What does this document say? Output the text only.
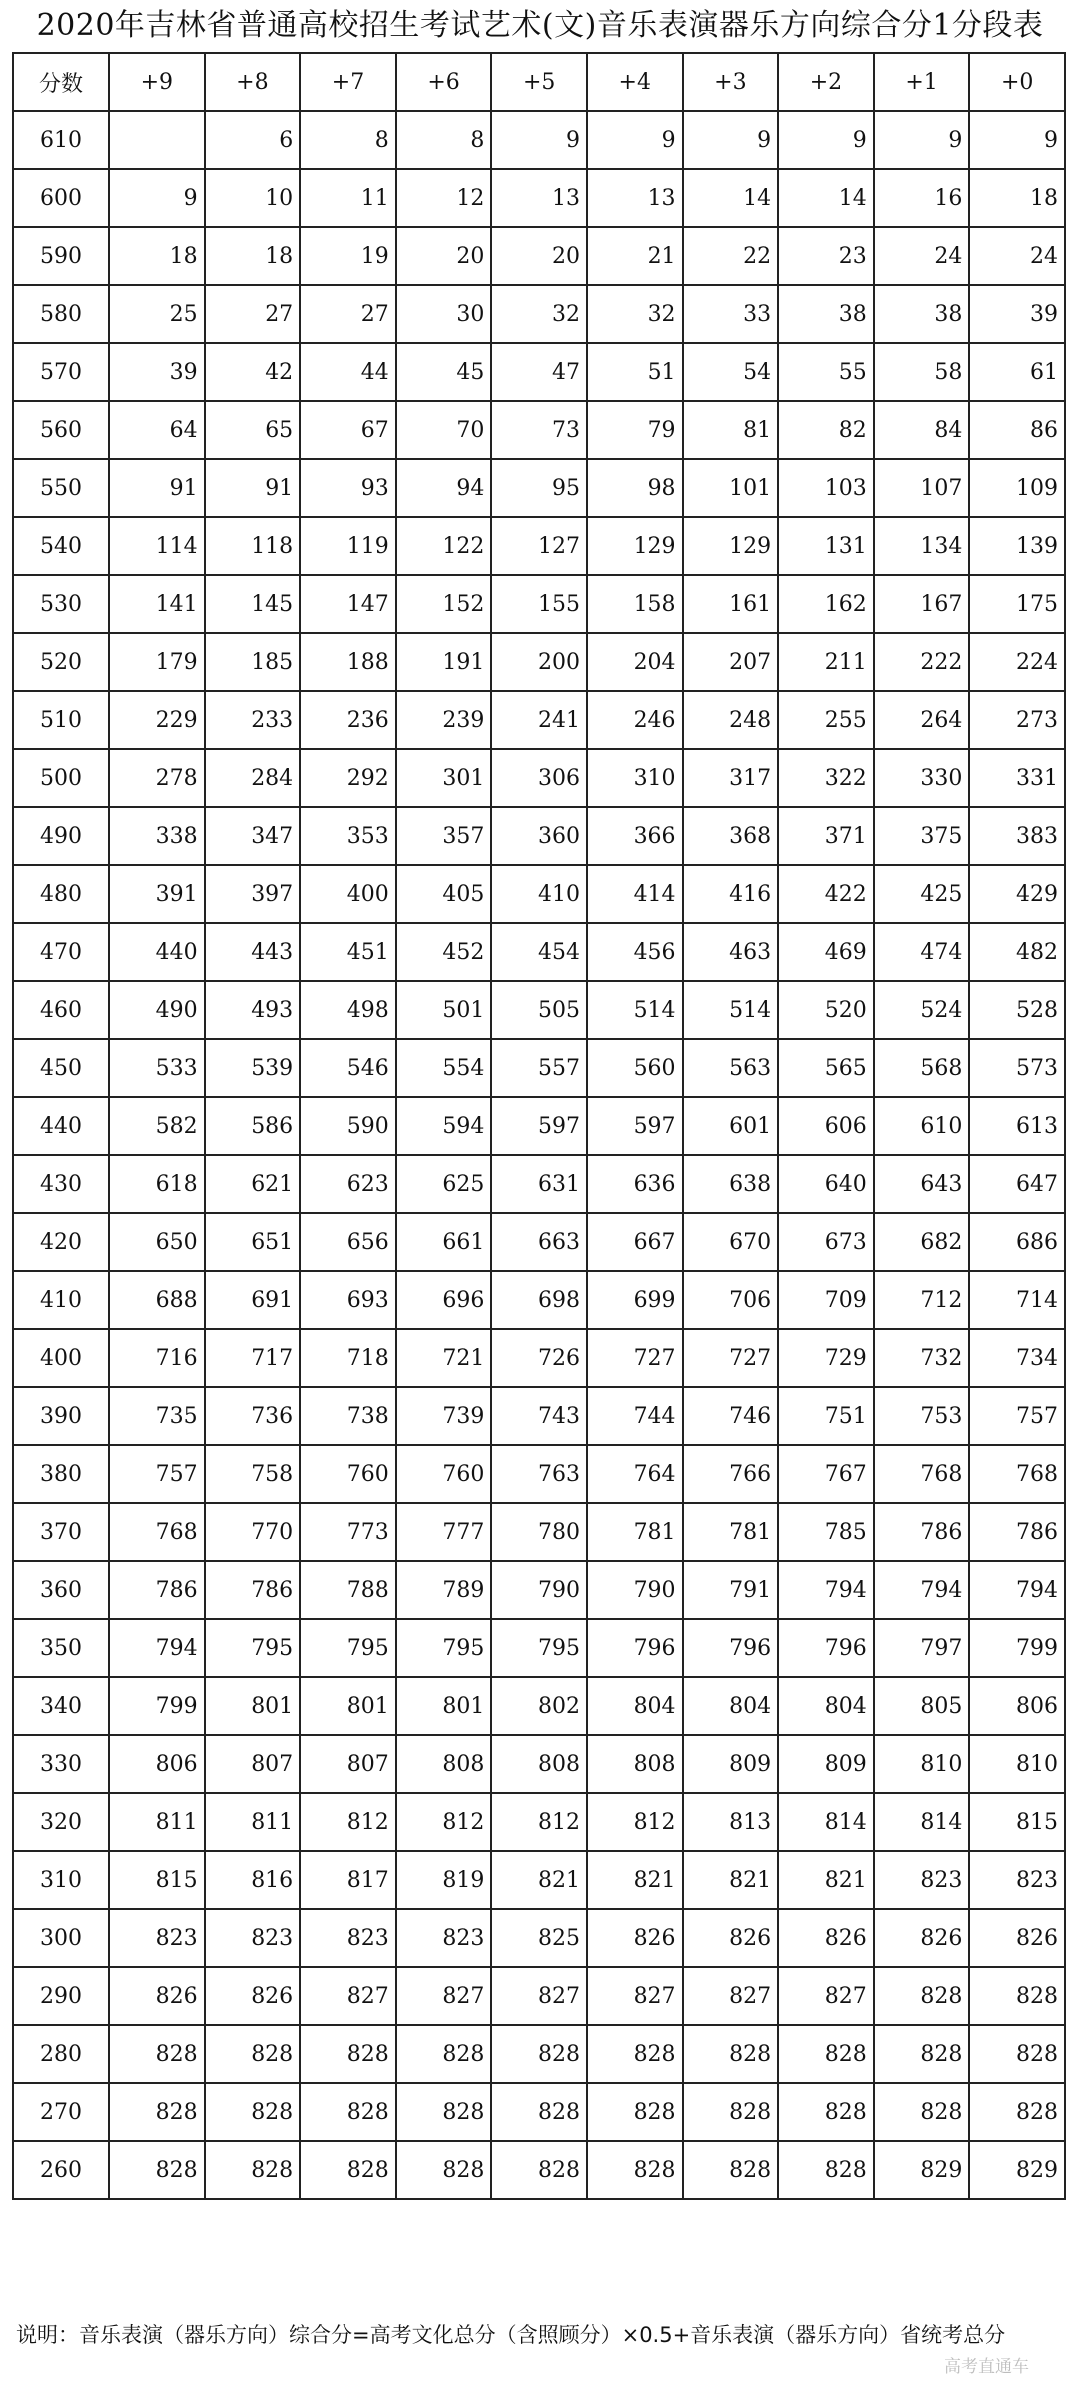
2020年吉林省普通高校招生考试艺术(文)音乐表演器乐方向综合分1分段表
分数	+9	+8	+7	+6	+5	+4	+3	+2	+1	+0
610		6	8	8	9	9	9	9	9	9
600	9	10	11	12	13	13	14	14	16	18
590	18	18	19	20	20	21	22	23	24	24
580	25	27	27	30	32	32	33	38	38	39
570	39	42	44	45	47	51	54	55	58	61
560	64	65	67	70	73	79	81	82	84	86
550	91	91	93	94	95	98	101	103	107	109
540	114	118	119	122	127	129	129	131	134	139
530	141	145	147	152	155	158	161	162	167	175
520	179	185	188	191	200	204	207	211	222	224
510	229	233	236	239	241	246	248	255	264	273
500	278	284	292	301	306	310	317	322	330	331
490	338	347	353	357	360	366	368	371	375	383
480	391	397	400	405	410	414	416	422	425	429
470	440	443	451	452	454	456	463	469	474	482
460	490	493	498	501	505	514	514	520	524	528
450	533	539	546	554	557	560	563	565	568	573
440	582	586	590	594	597	597	601	606	610	613
430	618	621	623	625	631	636	638	640	643	647
420	650	651	656	661	663	667	670	673	682	686
410	688	691	693	696	698	699	706	709	712	714
400	716	717	718	721	726	727	727	729	732	734
390	735	736	738	739	743	744	746	751	753	757
380	757	758	760	760	763	764	766	767	768	768
370	768	770	773	777	780	781	781	785	786	786
360	786	786	788	789	790	790	791	794	794	794
350	794	795	795	795	795	796	796	796	797	799
340	799	801	801	801	802	804	804	804	805	806
330	806	807	807	808	808	808	809	809	810	810
320	811	811	812	812	812	812	813	814	814	815
310	815	816	817	819	821	821	821	821	823	823
300	823	823	823	823	825	826	826	826	826	826
290	826	826	827	827	827	827	827	827	828	828
280	828	828	828	828	828	828	828	828	828	828
270	828	828	828	828	828	828	828	828	828	828
260	828	828	828	828	828	828	828	828	829	829
说明：音乐表演（器乐方向）综合分=高考文化总分（含照顾分）×0.5+音乐表演（器乐方向）省统考总分
高考直通车
